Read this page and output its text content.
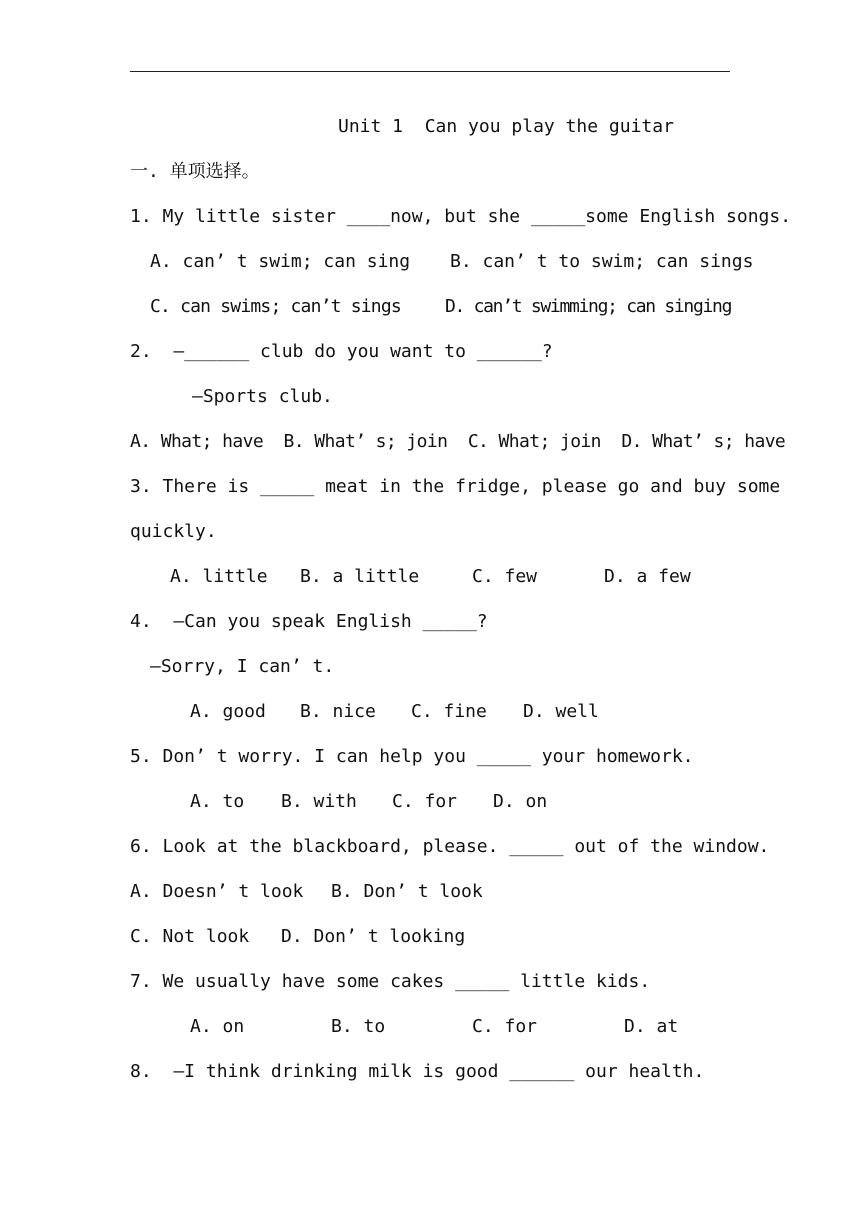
Unit 1  Can you play the guitar
一. 单项选择。
1. My little sister ____now, but she _____some English songs.
A. can’ t swim; can sing B. can’ t to swim; can sings
C. can swims; can’t sings D. can’t swimming; can singing
2.  —______ club do you want to ______?
—Sports club.
A. What; have  B. What’ s; join  C. What; join  D. What’ s; have
3. There is _____ meat in the fridge, please go and buy some
quickly.
A. little B. a little	C. few	D. a few
4.  —Can you speak English _____?
—Sorry, I can’ t.
A. good B. nice C. fine D. well
5. Don’ t worry. I can help you _____ your homework.
A. to B. with C. for D. on
6. Look at the blackboard, please. _____ out of the window.
A. Doesn’ t look B. Don’ t look
C. Not look D. Don’ t looking
7. We usually have some cakes _____ little kids.
A. on	B. to	C. for	D. at
8.  —I think drinking milk is good ______ our health.
